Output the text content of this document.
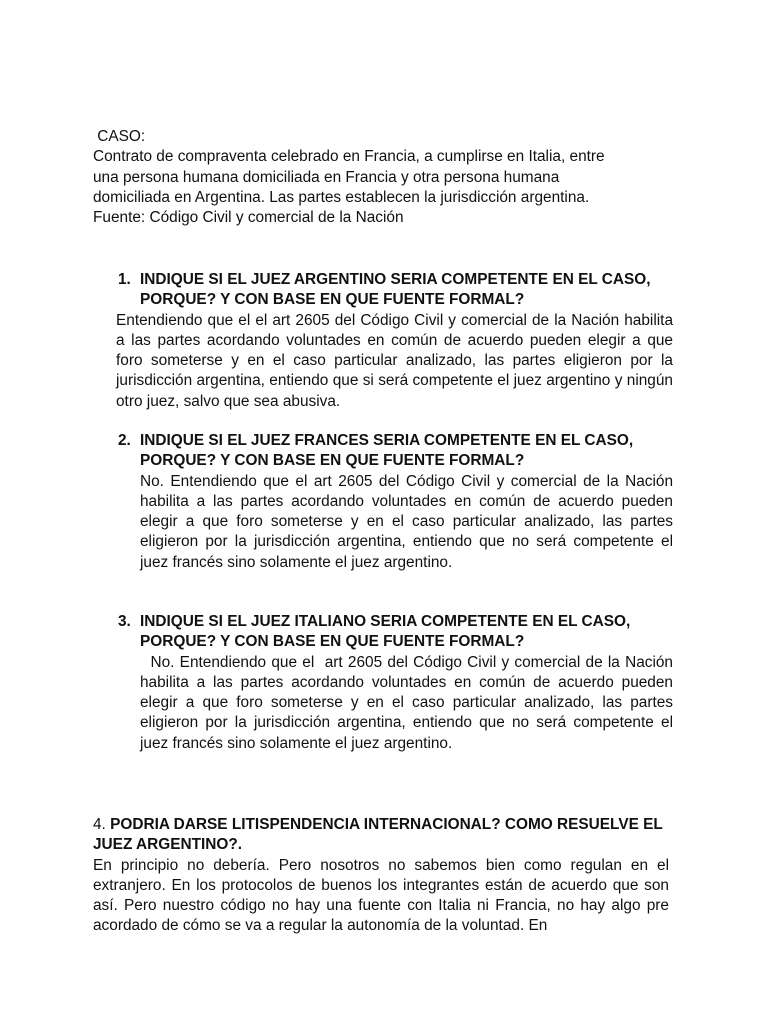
CASO:

Contrato de compraventa celebrado en Francia, a cumplirse en Italia, entre

una persona humana domiciliada en Francia y otra persona humana

domiciliada en Argentina. Las partes establecen la jurisdicción argentina.

Fuente: Código Civil y comercial de la Nación

1. INDIQUE SI EL JUEZ ARGENTINO SERIA COMPETENTE EN EL CASO,
PORQUE? Y CON BASE EN QUE FUENTE FORMAL?

Entendiendo que el el art 2605 del Código Civil y comercial de la Nación habilita a las partes acordando voluntades en común de acuerdo pueden elegir a que foro someterse y en el caso particular analizado, las partes eligieron por la jurisdicción argentina, entiendo que si será competente el juez argentino y ningún otro juez, salvo que sea abusiva.

2. INDIQUE SI EL JUEZ FRANCES SERIA COMPETENTE EN EL CASO,
PORQUE? Y CON BASE EN QUE FUENTE FORMAL?

No. Entendiendo que el art 2605 del Código Civil y comercial de la Nación habilita a las partes acordando voluntades en común de acuerdo pueden elegir a que foro someterse y en el caso particular analizado, las partes eligieron por la jurisdicción argentina, entiendo que no será competente el juez francés sino solamente el juez argentino.

3. INDIQUE SI EL JUEZ ITALIANO SERIA COMPETENTE EN EL CASO,
PORQUE? Y CON BASE EN QUE FUENTE FORMAL?

No. Entendiendo que el  art 2605 del Código Civil y comercial de la Nación habilita a las partes acordando voluntades en común de acuerdo pueden elegir a que foro someterse y en el caso particular analizado, las partes eligieron por la jurisdicción argentina, entiendo que no será competente el juez francés sino solamente el juez argentino.

4. PODRIA DARSE LITISPENDENCIA INTERNACIONAL? COMO RESUELVE EL JUEZ ARGENTINO?.

En principio no debería. Pero nosotros no sabemos bien como regulan en el extranjero. En los protocolos de buenos los integrantes están de acuerdo que son así. Pero nuestro código no hay una fuente con Italia ni Francia, no hay algo pre acordado de cómo se va a regular la autonomía de la voluntad. En
